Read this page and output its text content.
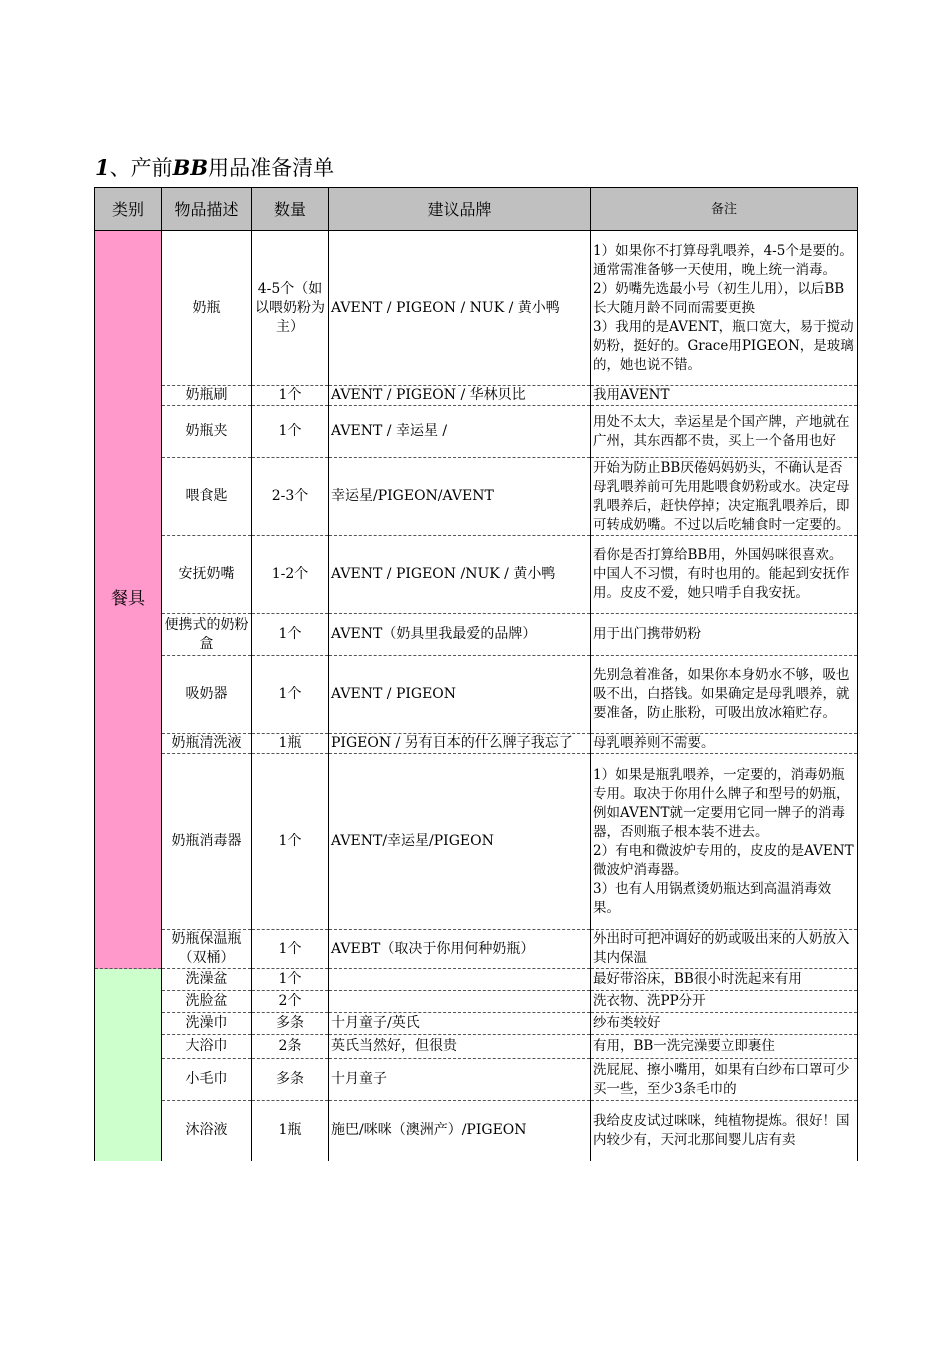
1、产前BB用品准备清单
类别	物品描述	数量	建议品牌	备注
餐具	奶瓶	4-5个（如以喂奶粉为主）	AVENT / PIGEON / NUK / 黄小鸭	1）如果你不打算母乳喂养，4-5个是要的。通常需准备够一天使用，晚上统一消毒。
2）奶嘴先选最小号（初生儿用），以后BB长大随月龄不同而需要更换
3）我用的是AVENT，瓶口宽大，易于搅动奶粉，挺好的。Grace用PIGEON，是玻璃的，她也说不错。

	奶瓶刷	1个	AVENT / PIGEON / 华林贝比	我用AVENT

	奶瓶夹	1个	AVENT / 幸运星 /	用处不太大，幸运星是个国产牌，产地就在广州，其东西都不贵，买上一个备用也好

	喂食匙	2-3个	幸运星/PIGEON/AVENT	开始为防止BB厌倦妈妈奶头，不确认是否母乳喂养前可先用匙喂食奶粉或水。决定母乳喂养后，赶快停掉；决定瓶乳喂养后，即可转成奶嘴。不过以后吃辅食时一定要的。

	安抚奶嘴	1-2个	AVENT / PIGEON /NUK / 黄小鸭	看你是否打算给BB用，外国妈咪很喜欢。中国人不习惯，有时也用的。能起到安抚作用。皮皮不爱，她只啃手自我安抚。

	便携式的奶粉盒	1个	AVENT（奶具里我最爱的品牌）	用于出门携带奶粉

	吸奶器	1个	AVENT / PIGEON	先别急着准备，如果你本身奶水不够，吸也吸不出，白搭钱。如果确定是母乳喂养，就要准备，防止胀粉，可吸出放冰箱贮存。

	奶瓶清洗液	1瓶	PIGEON / 另有日本的什么牌子我忘了	母乳喂养则不需要。

	奶瓶消毒器	1个	AVENT/幸运星/PIGEON	1）如果是瓶乳喂养，一定要的，消毒奶瓶专用。取决于你用什么牌子和型号的奶瓶，例如AVENT就一定要用它同一牌子的消毒器，否则瓶子根本装不进去。
2）有电和微波炉专用的，皮皮的是AVENT微波炉消毒器。
3）也有人用锅煮烫奶瓶达到高温消毒效果。

	奶瓶保温瓶（双桶）	1个	AVEBT（取决于你用何种奶瓶）	外出时可把冲调好的奶或吸出来的人奶放入其内保温

	洗澡盆	1个		最好带浴床，BB很小时洗起来有用

	洗脸盆	2个		洗衣物、洗PP分开

	洗澡巾	多条	十月童子/英氏	纱布类较好

	大浴巾	2条	英氏当然好，但很贵	有用，BB一洗完澡要立即裹住

	小毛巾	多条	十月童子	洗屁屁、擦小嘴用，如果有白纱布口罩可少买一些，至少3条毛巾的

	沐浴液	1瓶	施巴/咪咪（澳洲产）/PIGEON	我给皮皮试过咪咪，纯植物提炼。很好！国内较少有，天河北那间婴儿店有卖
